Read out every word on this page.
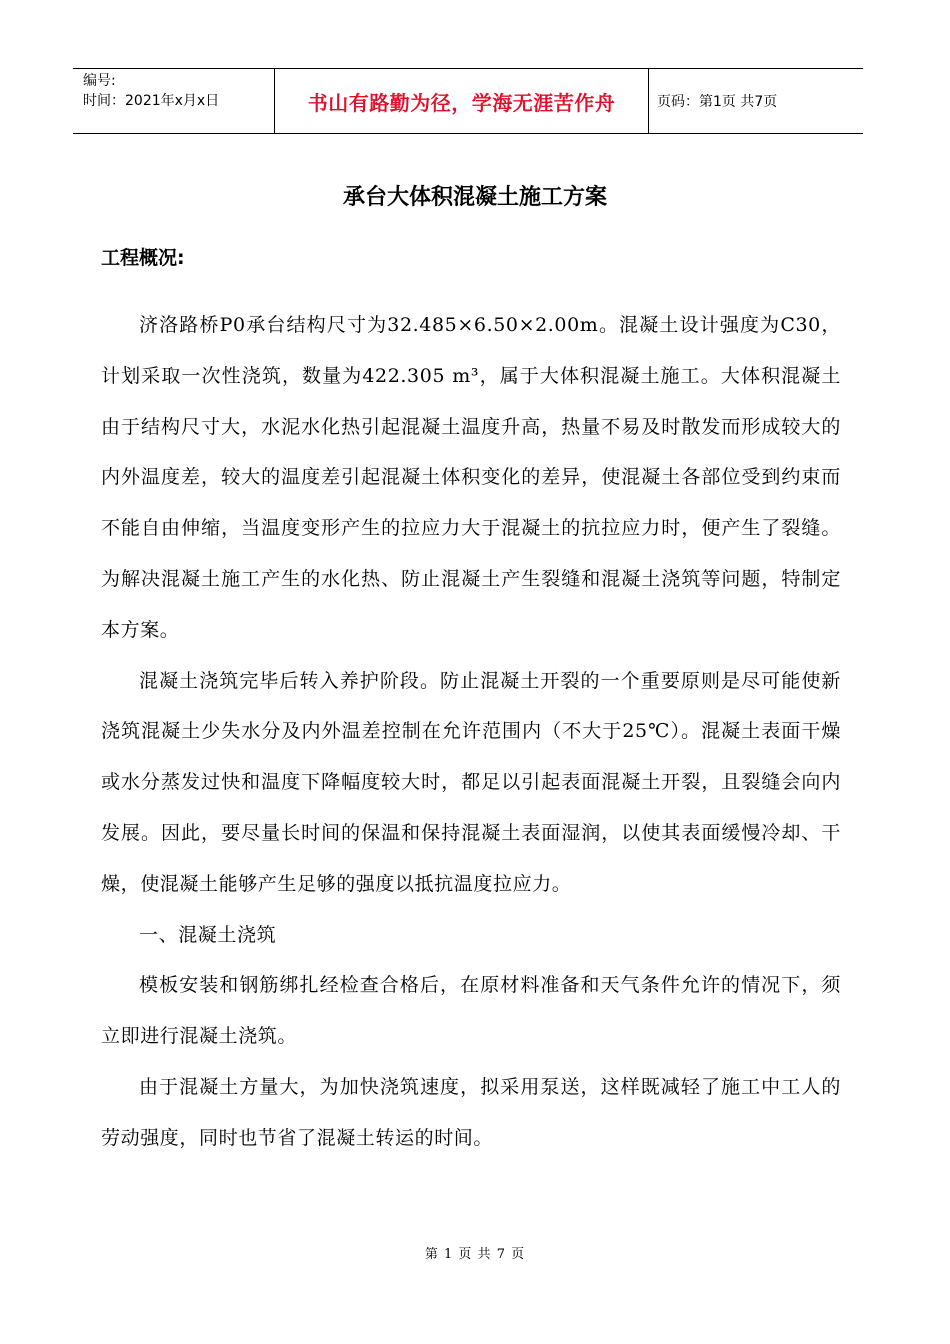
编号:
时间：2021年x月x日	书山有路勤为径，学海无涯苦作舟	页码：第1页 共7页
承台大体积混凝土施工方案
工程概况:

济洛路桥P0承台结构尺寸为32.485×6.50×2.00m。混凝土设计强度为C30，计划采取一次性浇筑，数量为422.305 m³，属于大体积混凝土施工。大体积混凝土由于结构尺寸大，水泥水化热引起混凝土温度升高，热量不易及时散发而形成较大的内外温度差，较大的温度差引起混凝土体积变化的差异，使混凝土各部位受到约束而不能自由伸缩，当温度变形产生的拉应力大于混凝土的抗拉应力时，便产生了裂缝。为解决混凝土施工产生的水化热、防止混凝土产生裂缝和混凝土浇筑等问题，特制定本方案。

混凝土浇筑完毕后转入养护阶段。防止混凝土开裂的一个重要原则是尽可能使新浇筑混凝土少失水分及内外温差控制在允许范围内（不大于25℃）。混凝土表面干燥或水分蒸发过快和温度下降幅度较大时，都足以引起表面混凝土开裂，且裂缝会向内发展。因此，要尽量长时间的保温和保持混凝土表面湿润，以使其表面缓慢冷却、干燥，使混凝土能够产生足够的强度以抵抗温度拉应力。

一、混凝土浇筑

模板安装和钢筋绑扎经检查合格后，在原材料准备和天气条件允许的情况下，须立即进行混凝土浇筑。

由于混凝土方量大，为加快浇筑速度，拟采用泵送，这样既减轻了施工中工人的劳动强度，同时也节省了混凝土转运的时间。

第 1 页 共 7 页
